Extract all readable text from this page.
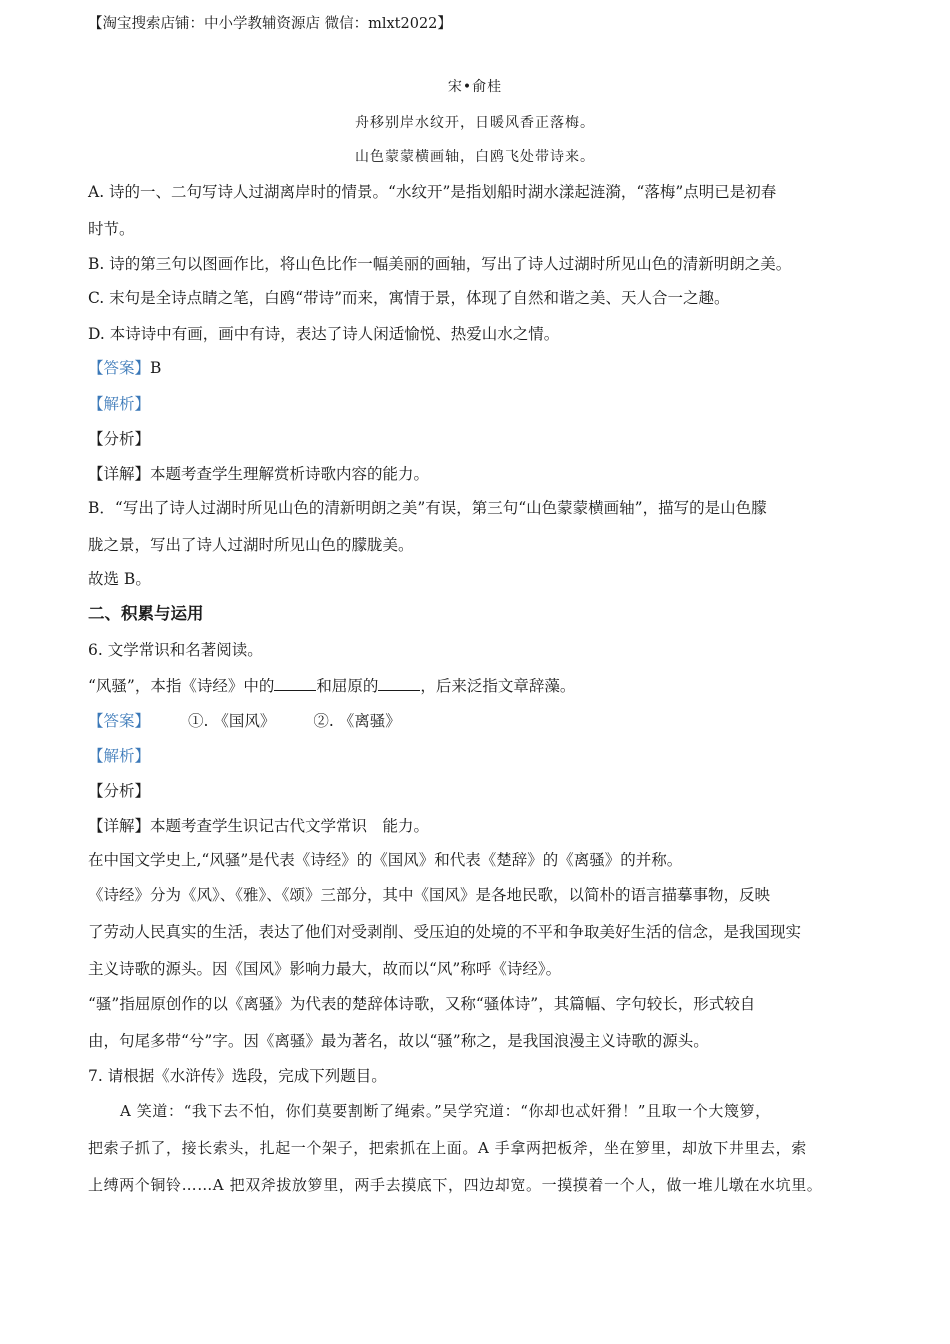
【淘宝搜索店铺：中小学教辅资源店 微信：mlxt2022】
宋•俞桂
舟移别岸水纹开，日暖风香正落梅。
山色蒙蒙横画轴，白鸥飞处带诗来。
A. 诗的一、二句写诗人过湖离岸时的情景。“水纹开”是指划船时湖水漾起涟漪，“落梅”点明已是初春
时节。
B. 诗的第三句以图画作比，将山色比作一幅美丽的画轴，写出了诗人过湖时所见山色的清新明朗之美。
C. 末句是全诗点睛之笔，白鸥“带诗”而来，寓情于景，体现了自然和谐之美、天人合一之趣。
D. 本诗诗中有画，画中有诗，表达了诗人闲适愉悦、热爱山水之情。
【答案】B
【解析】
【分析】
【详解】本题考查学生理解赏析诗歌内容的能力。
B．“写出了诗人过湖时所见山色的清新明朗之美”有误，第三句“山色蒙蒙横画轴”，描写的是山色朦
胧之景，写出了诗人过湖时所见山色的朦胧美。
故选 B。
二、积累与运用
6. 文学常识和名著阅读。
“风骚”，本指《诗经》中的	和屈原的	，后来泛指文章辞藻。
【答案】 ①. 《国风》 ②. 《离骚》
【解析】
【分析】
【详解】本题考查学生识记古代文学常识　能力。
在中国文学史上,“风骚”是代表《诗经》的《国风》和代表《楚辞》的《离骚》的并称。
《诗经》分为《风》、《雅》、《颂》三部分，其中《国风》是各地民歌，以简朴的语言描摹事物，反映
了劳动人民真实的生活，表达了他们对受剥削、受压迫的处境的不平和争取美好生活的信念，是我国现实
主义诗歌的源头。因《国风》影响力最大，故而以“风”称呼《诗经》。
“骚”指屈原创作的以《离骚》为代表的楚辞体诗歌，又称“骚体诗”，其篇幅、字句较长，形式较自
由，句尾多带“兮”字。因《离骚》最为著名，故以“骚”称之，是我国浪漫主义诗歌的源头。
7. 请根据《水浒传》选段，完成下列题目。
A 笑道：“我下去不怕，你们莫要割断了绳索。”吴学究道：“你却也忒奸猾！”且取一个大篾箩，
把索子抓了，接长索头，扎起一个架子，把索抓在上面。A 手拿两把板斧，坐在箩里，却放下井里去，索
上缚两个铜铃……A 把双斧拔放箩里，两手去摸底下，四边却宽。一摸摸着一个人，做一堆儿墩在水坑里。
